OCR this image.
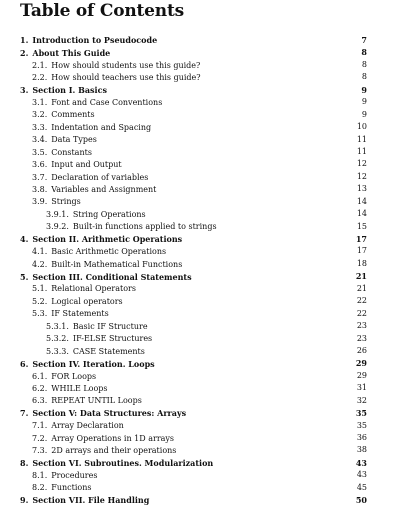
Table of Contents
1. Introduction to Pseudocode	7
2. About This Guide	8
2.1. How should students use this guide?	8
2.2. How should teachers use this guide?	8
3. Section I. Basics	9
3.1. Font and Case Conventions	9
3.2. Comments	9
3.3. Indentation and Spacing	10
3.4. Data Types	11
3.5. Constants	11
3.6. Input and Output	12
3.7. Declaration of variables	12
3.8. Variables and Assignment	13
3.9. Strings	14
3.9.1. String Operations	14
3.9.2. Built-in functions applied to strings	15
4. Section II. Arithmetic Operations	17
4.1. Basic Arithmetic Operations	17
4.2. Built-in Mathematical Functions	18
5. Section III. Conditional Statements	21
5.1. Relational Operators	21
5.2. Logical operators	22
5.3. IF Statements	22
5.3.1. Basic IF Structure	23
5.3.2. IF-ELSE Structures	23
5.3.3. CASE Statements	26
6. Section IV. Iteration. Loops	29
6.1. FOR Loops	29
6.2. WHILE Loops	31
6.3. REPEAT UNTIL Loops	32
7. Section V: Data Structures: Arrays	35
7.1. Array Declaration	35
7.2. Array Operations in 1D arrays	36
7.3. 2D arrays and their operations	38
8. Section VI. Subroutines. Modularization	43
8.1. Procedures	43
8.2. Functions	45
9. Section VII. File Handling	50
